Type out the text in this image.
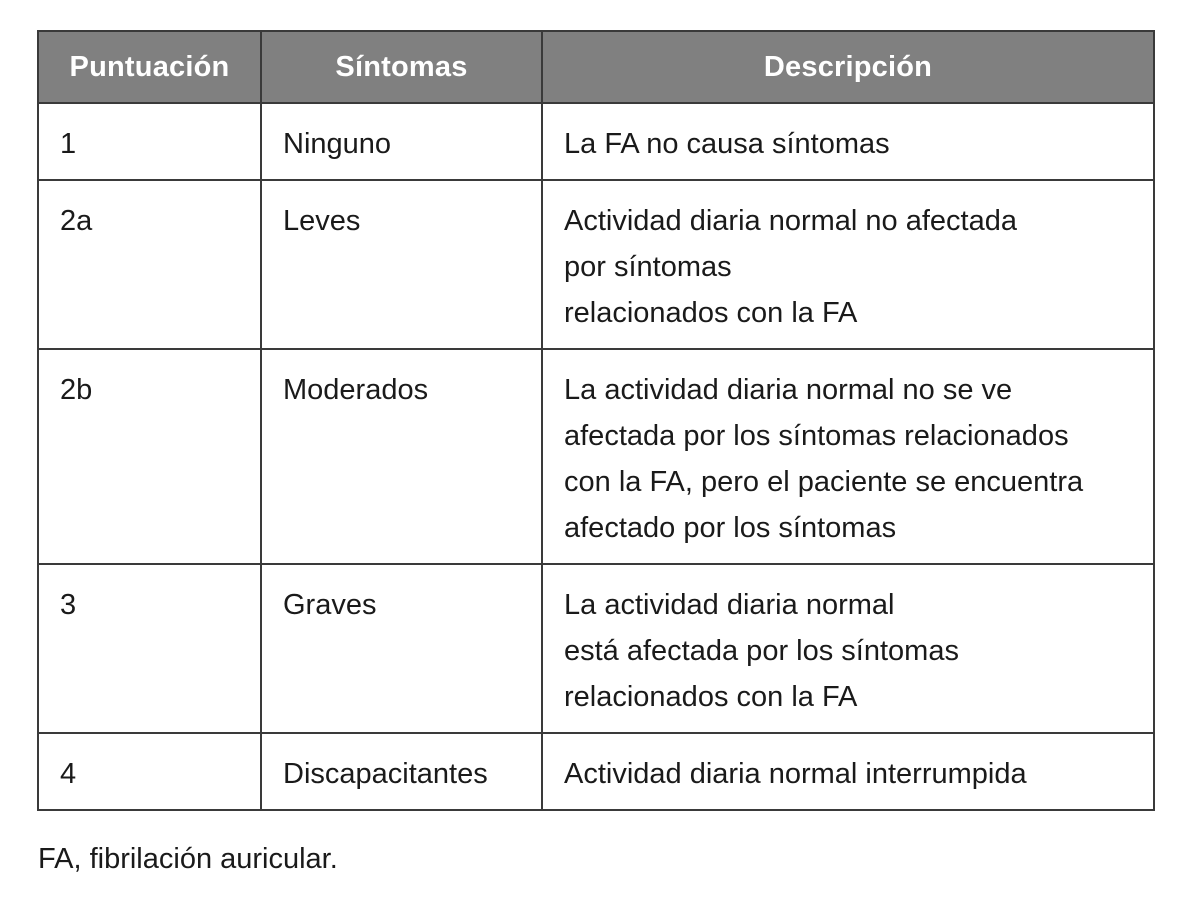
Puntuación	Síntomas	Descripción
1	Ninguno	La FA no causa síntomas

2a	Leves	Actividad diaria normal no afectada
por síntomas
relacionados con la FA

2b	Moderados	La actividad diaria normal no se ve
afectada por los síntomas relacionados
con la FA, pero el paciente se encuentra
afectado por los síntomas

3	Graves	La actividad diaria normal
está afectada por los síntomas
relacionados con la FA

4	Discapacitantes	Actividad diaria normal interrumpida
FA, fibrilación auricular.
